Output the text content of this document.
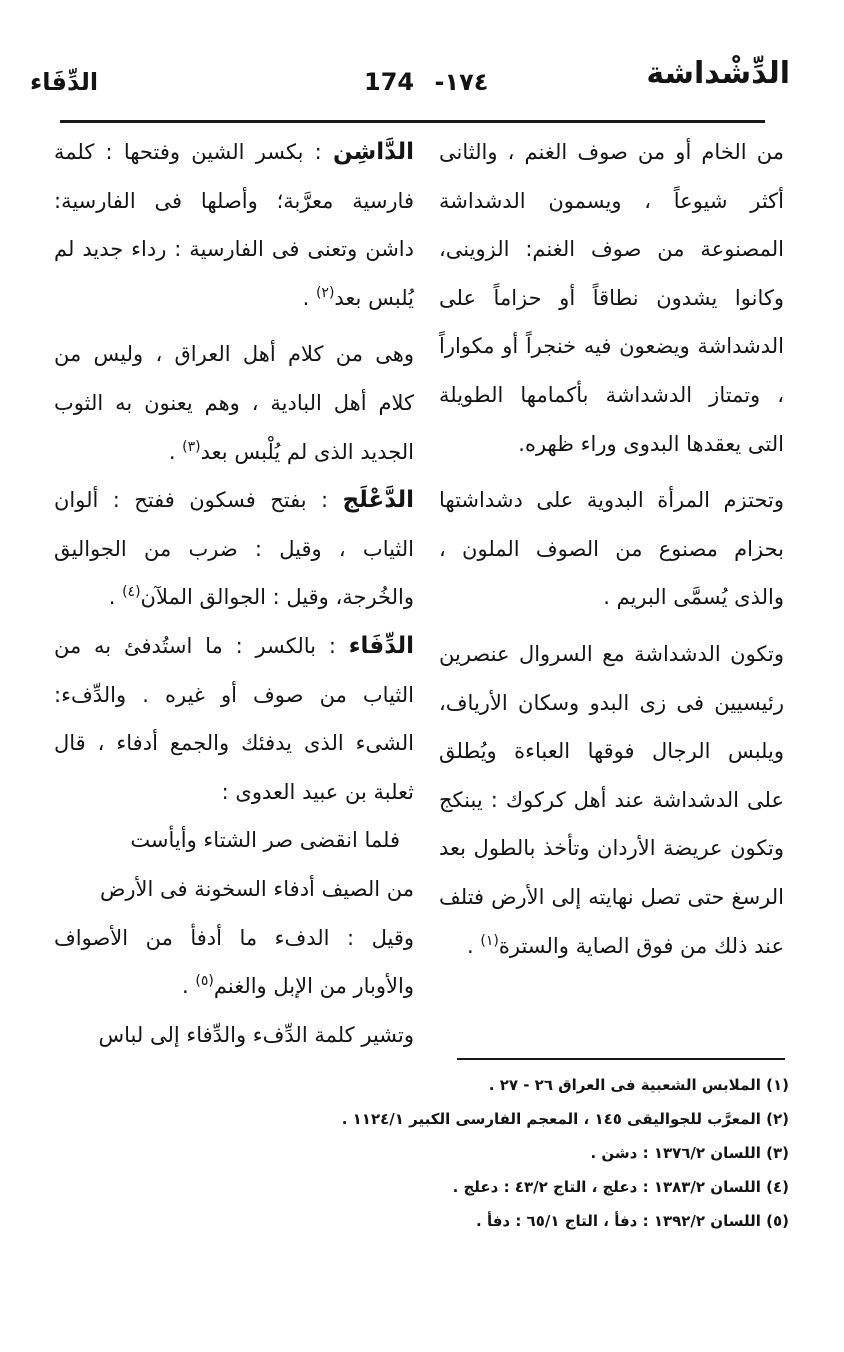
الدِّشْداشة
174 -١٧٤
الدِّفَاء

من الخام أو من صوف الغنم ، والثانى أكثر شيوعاً ، ويسمون الدشداشة المصنوعة من صوف الغنم: الزوينى، وكانوا يشدون نطاقاً أو حزاماً على الدشداشة ويضعون فيه خنجراً أو مكواراً ، وتمتاز الدشداشة بأكمامها الطويلة التى يعقدها البدوى وراء ظهره.

وتحتزم المرأة البدوية على دشداشتها بحزام مصنوع من الصوف الملون ، والذى يُسمَّى البريم .

وتكون الدشداشة مع السروال عنصرين رئيسيين فى زى البدو وسكان الأرياف، ويلبس الرجال فوقها العباءة ويُطلق على الدشداشة عند أهل كركوك : يبنكج وتكون عريضة الأردان وتأخذ بالطول بعد الرسغ حتى تصل نهايته إلى الأرض فتلف عند ذلك من فوق الصاية والسترة$^{(١)}$ .

الدَّاشِن : بكسر الشين وفتحها : كلمة فارسية معرَّبة؛ وأصلها فى الفارسية: داشن وتعنى فى الفارسية : رداء جديد لم يُلبس بعد$^{(٢)}$ .

وهى من كلام أهل العراق ، وليس من كلام أهل البادية ، وهم يعنون به الثوب الجديد الذى لم يُلْبس بعد$^{(٣)}$ .

الدَّعْلَج : بفتح فسكون ففتح : ألوان الثياب ، وقيل : ضرب من الجواليق والخُرجة، وقيل : الجوالق الملآن$^{(٤)}$ .

الدِّفَاء : بالكسر : ما استُدفئ به من الثياب من صوف أو غيره . والدِّفء: الشىء الذى يدفئك والجمع أدفاء ، قال ثعلبة بن عبيد العدوى :

فلما انقضى صر الشتاء وأيأست

من الصيف أدفاء السخونة فى الأرض

وقيل : الدفء ما أدفأ من الأصواف والأوبار من الإبل والغنم$^{(٥)}$ .

وتشير كلمة الدِّفء والدِّفاء إلى لباس

(١) الملابس الشعبية فى العراق ٢٦ - ٢٧ .
(٢) المعرَّب للجواليقى ١٤٥ ، المعجم الفارسى الكبير ١١٢٤/١ .
(٣) اللسان ١٣٧٦/٢ : دشن .
(٤) اللسان ١٣٨٣/٢ : دعلج ، التاج ٤٣/٢ : دعلج .
(٥) اللسان ١٣٩٢/٢ : دفأ ، التاج ٦٥/١ : دفأ .
